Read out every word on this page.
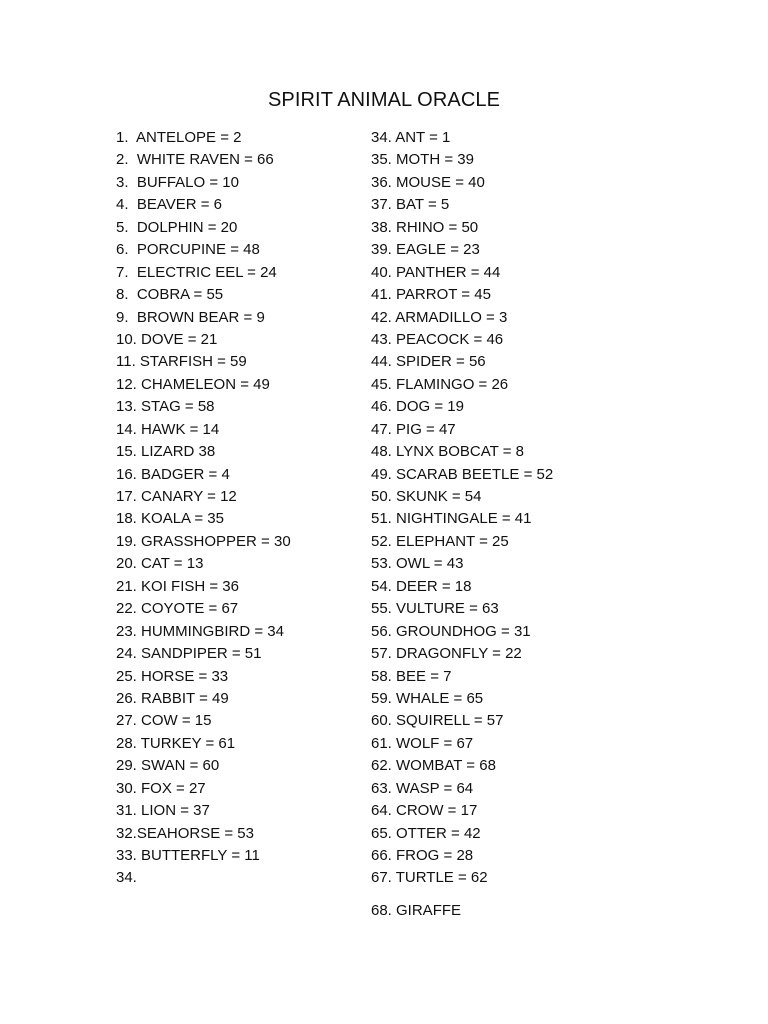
SPIRIT ANIMAL ORACLE
1.  ANTELOPE = 2
2.  WHITE RAVEN = 66
3.  BUFFALO = 10
4.  BEAVER = 6
5.  DOLPHIN = 20
6.  PORCUPINE = 48
7.  ELECTRIC EEL = 24
8.  COBRA = 55
9.  BROWN BEAR = 9
10. DOVE = 21
11. STARFISH = 59
12. CHAMELEON = 49
13. STAG = 58
14. HAWK = 14
15. LIZARD 38
16. BADGER = 4
17. CANARY = 12
18. KOALA = 35
19. GRASSHOPPER = 30
20. CAT = 13
21. KOI FISH = 36
22. COYOTE = 67
23. HUMMINGBIRD = 34
24. SANDPIPER = 51
25. HORSE = 33
26. RABBIT = 49
27. COW = 15
28. TURKEY = 61
29. SWAN = 60
30. FOX = 27
31. LION = 37
32.SEAHORSE = 53
33. BUTTERFLY = 11
34.
34. ANT = 1
35. MOTH = 39
36. MOUSE = 40
37. BAT = 5
38. RHINO = 50
39. EAGLE = 23
40. PANTHER = 44
41. PARROT = 45
42. ARMADILLO = 3
43. PEACOCK = 46
44. SPIDER = 56
45. FLAMINGO = 26
46. DOG = 19
47. PIG = 47
48. LYNX BOBCAT = 8
49. SCARAB BEETLE = 52
50. SKUNK = 54
51. NIGHTINGALE = 41
52. ELEPHANT = 25
53. OWL = 43
54. DEER = 18
55. VULTURE = 63
56. GROUNDHOG = 31
57. DRAGONFLY = 22
58. BEE = 7
59. WHALE = 65
60. SQUIRELL = 57
61. WOLF = 67
62. WOMBAT = 68
63. WASP = 64
64. CROW = 17
65. OTTER = 42
66. FROG = 28
67. TURTLE = 62
68. GIRAFFE
